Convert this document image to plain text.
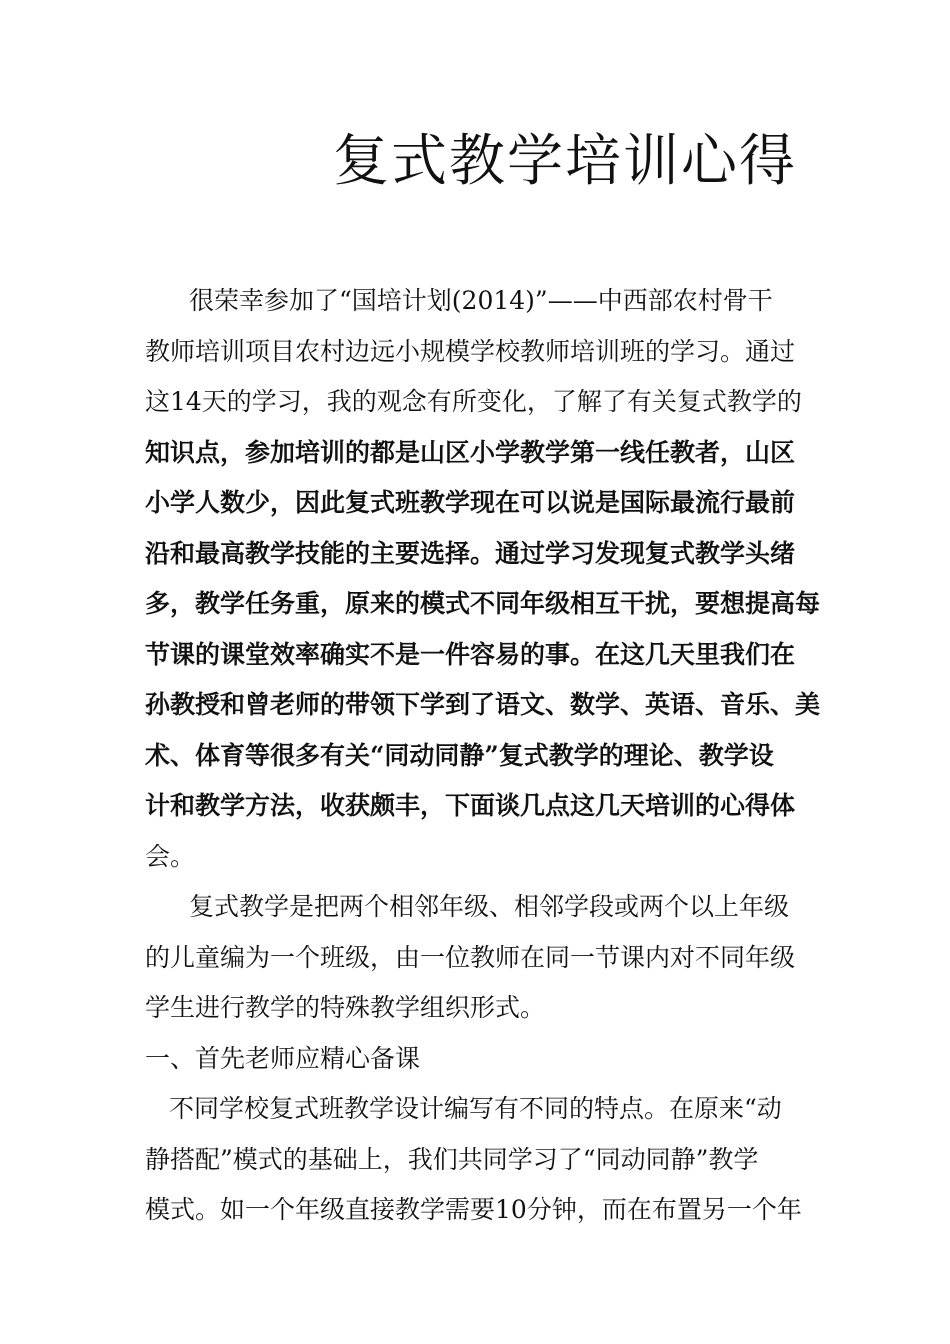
复式教学培训心得
很荣幸参加了“国培计划(2014)”——中西部农村骨干
教师培训项目农村边远小规模学校教师培训班的学习。通过
这14天的学习，我的观念有所变化，了解了有关复式教学的
知识点，参加培训的都是山区小学教学第一线任教者，山区
小学人数少，因此复式班教学现在可以说是国际最流行最前
沿和最高教学技能的主要选择。通过学习发现复式教学头绪
多，教学任务重，原来的模式不同年级相互干扰，要想提高每
节课的课堂效率确实不是一件容易的事。在这几天里我们在
孙教授和曾老师的带领下学到了语文、数学、英语、音乐、美
术、体育等很多有关“同动同静”复式教学的理论、教学设
计和教学方法，收获颇丰，下面谈几点这几天培训的心得体
会。
复式教学是把两个相邻年级、相邻学段或两个以上年级
的儿童编为一个班级，由一位教师在同一节课内对不同年级
学生进行教学的特殊教学组织形式。
一、首先老师应精心备课
不同学校复式班教学设计编写有不同的特点。在原来“动
静搭配”模式的基础上，我们共同学习了“同动同静”教学
模式。如一个年级直接教学需要10分钟，而在布置另一个年
